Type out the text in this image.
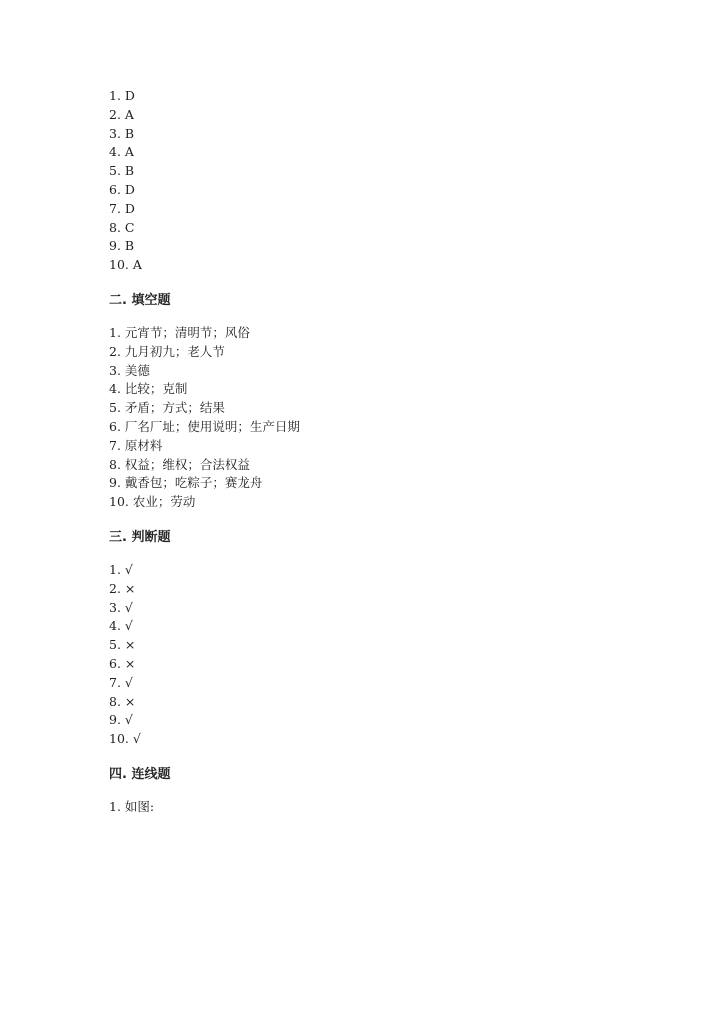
1. D
2. A
3. B
4. A
5. B
6. D
7. D
8. C
9. B
10. A
二. 填空题
1. 元宵节；清明节；风俗
2. 九月初九；老人节
3. 美德
4. 比较；克制
5. 矛盾；方式；结果
6. 厂名厂址；使用说明；生产日期
7. 原材料
8. 权益；维权；合法权益
9. 戴香包；吃粽子；赛龙舟
10. 农业；劳动
三. 判断题
1. √
2. ×
3. √
4. √
5. ×
6. ×
7. √
8. ×
9. √
10. √
四. 连线题
1. 如图:
